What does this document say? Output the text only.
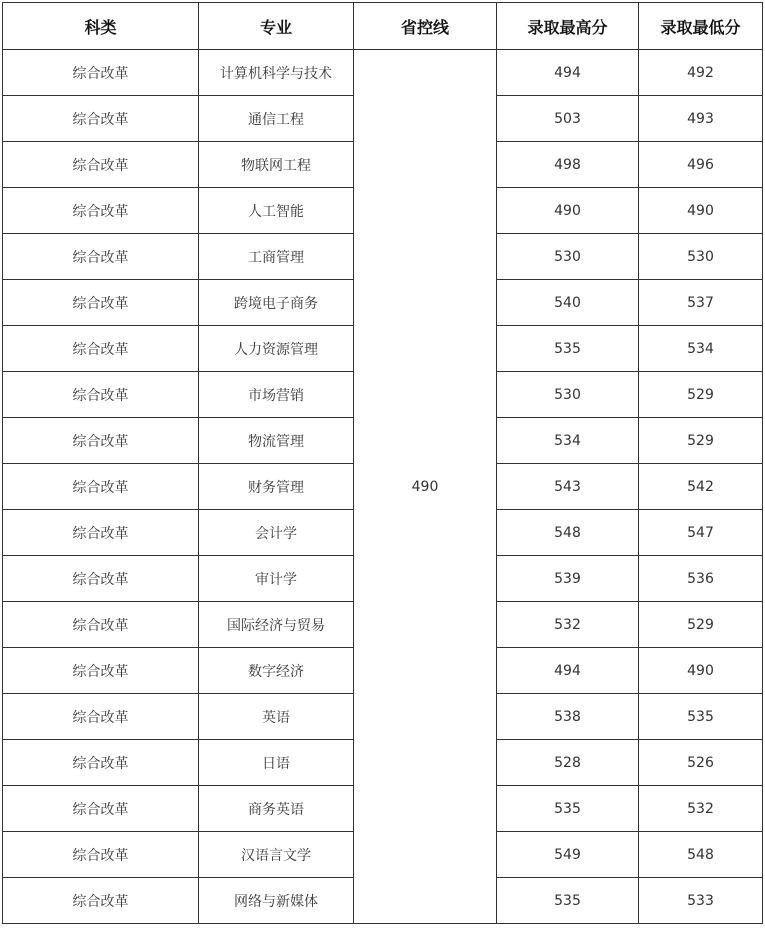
科类	专业	省控线	录取最高分	录取最低分
综合改革	计算机科学与技术	490	494	492
综合改革	通信工程		503	493
综合改革	物联网工程		498	496
综合改革	人工智能		490	490
综合改革	工商管理		530	530
综合改革	跨境电子商务		540	537
综合改革	人力资源管理		535	534
综合改革	市场营销		530	529
综合改革	物流管理		534	529
综合改革	财务管理		543	542
综合改革	会计学		548	547
综合改革	审计学		539	536
综合改革	国际经济与贸易		532	529
综合改革	数字经济		494	490
综合改革	英语		538	535
综合改革	日语		528	526
综合改革	商务英语		535	532
综合改革	汉语言文学		549	548
综合改革	网络与新媒体		535	533
